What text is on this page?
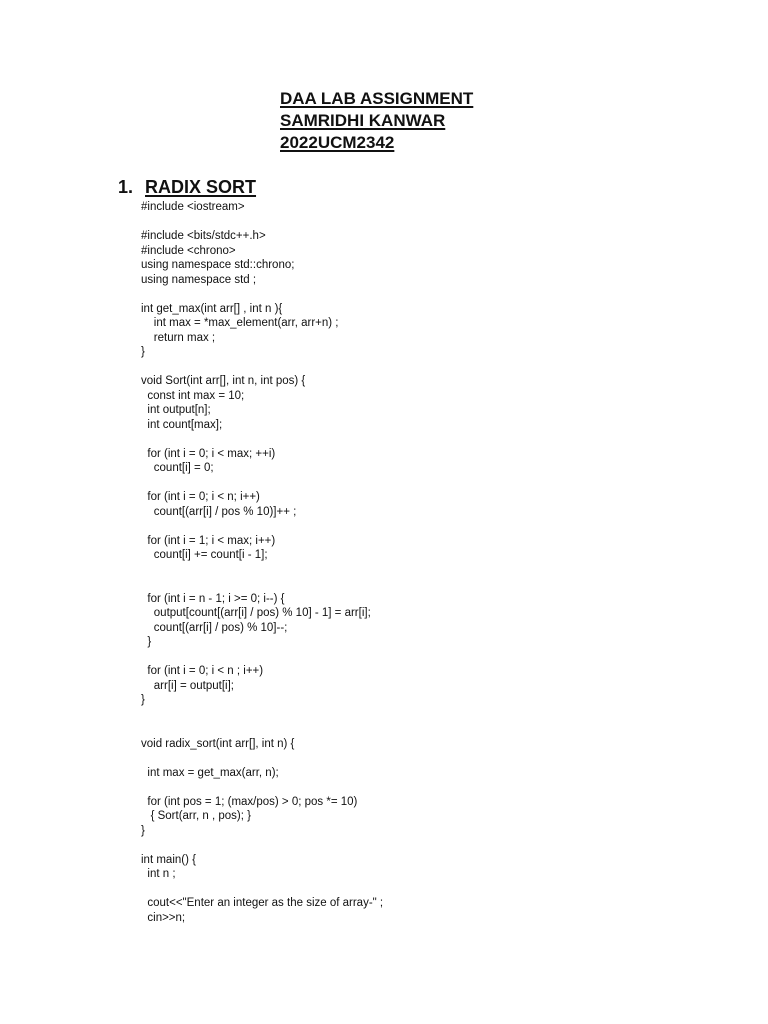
DAA LAB ASSIGNMENT

SAMRIDHI KANWAR

2022UCM2342

1. RADIX SORT
#include <iostream>
#include <bits/stdc++.h>
#include <chrono>
using namespace std::chrono;
using namespace std ;
int get_max(int arr[] , int n ){
int max = *max_element(arr, arr+n) ;
return max ;
}
void Sort(int arr[], int n, int pos) {
const int max = 10;
int output[n];
int count[max];
for (int i = 0; i < max; ++i)
count[i] = 0;
for (int i = 0; i < n; i++)
count[(arr[i] / pos % 10)]++ ;
for (int i = 1; i < max; i++)
count[i] += count[i - 1];
for (int i = n - 1; i >= 0; i--) {
output[count[(arr[i] / pos) % 10] - 1] = arr[i];
count[(arr[i] / pos) % 10]--;
}
for (int i = 0; i < n ; i++)
arr[i] = output[i];
}
void radix_sort(int arr[], int n) {
int max = get_max(arr, n);
for (int pos = 1; (max/pos) > 0; pos *= 10)
{ Sort(arr, n , pos); }
}
int main() {
int n ;
cout<<"Enter an integer as the size of array-" ;
cin>>n;
